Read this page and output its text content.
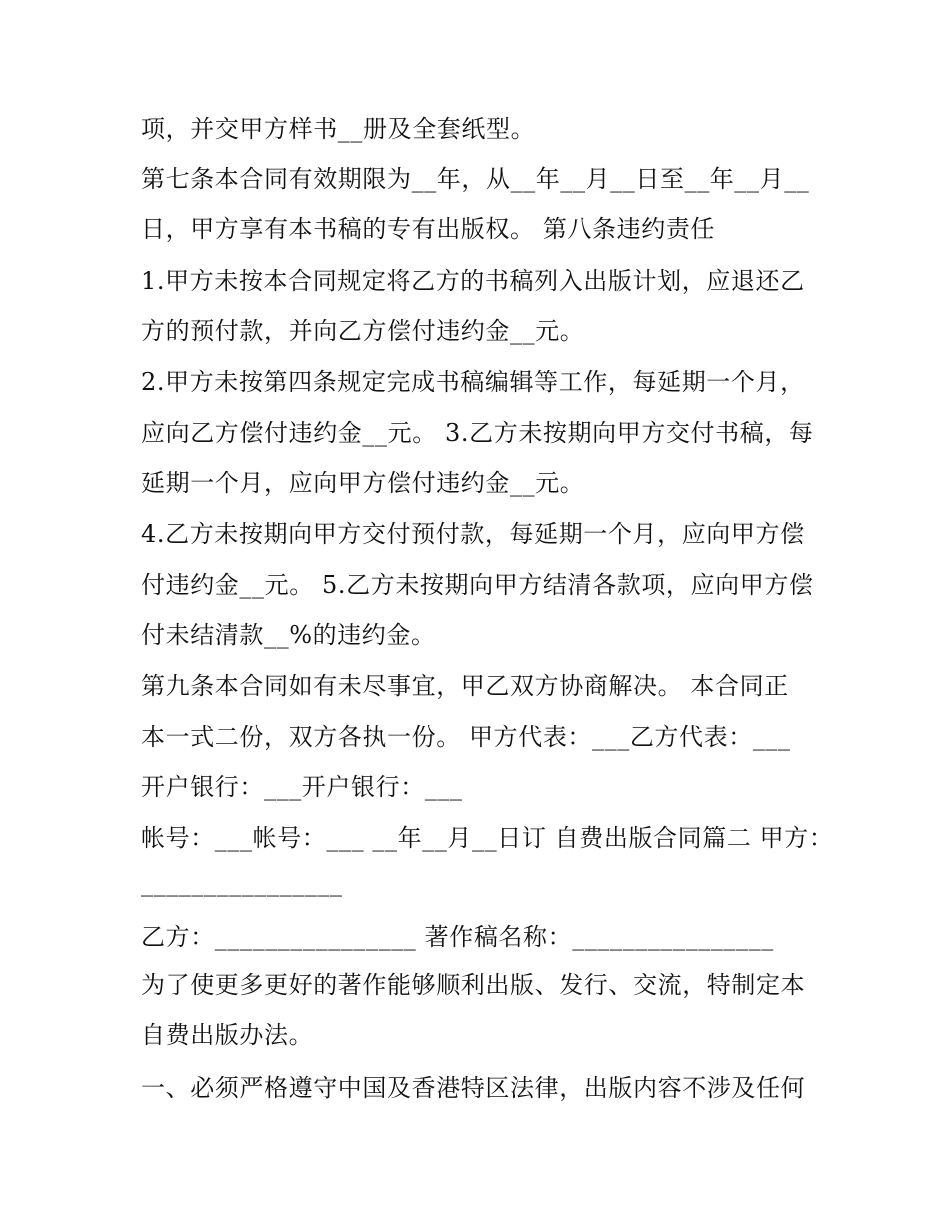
项，并交甲方样书__册及全套纸型。
第七条本合同有效期限为__年，从__年__月__日至__年__月__
日，甲方享有本书稿的专有出版权。 第八条违约责任
1.甲方未按本合同规定将乙方的书稿列入出版计划，应退还乙
方的预付款，并向乙方偿付违约金__元。
2.甲方未按第四条规定完成书稿编辑等工作，每延期一个月，
应向乙方偿付违约金__元。 3.乙方未按期向甲方交付书稿，每
延期一个月，应向甲方偿付违约金__元。
4.乙方未按期向甲方交付预付款，每延期一个月，应向甲方偿
付违约金__元。 5.乙方未按期向甲方结清各款项，应向甲方偿
付未结清款__%的违约金。
第九条本合同如有未尽事宜，甲乙双方协商解决。 本合同正
本一式二份，双方各执一份。 甲方代表：___乙方代表：___
开户银行：___开户银行：___
帐号：___帐号：___ __年__月__日订 自费出版合同篇二 甲方：
________________
乙方：________________ 著作稿名称：________________
为了使更多更好的著作能够顺利出版、发行、交流，特制定本
自费出版办法。
一、必须严格遵守中国及香港特区法律，出版内容不涉及任何
